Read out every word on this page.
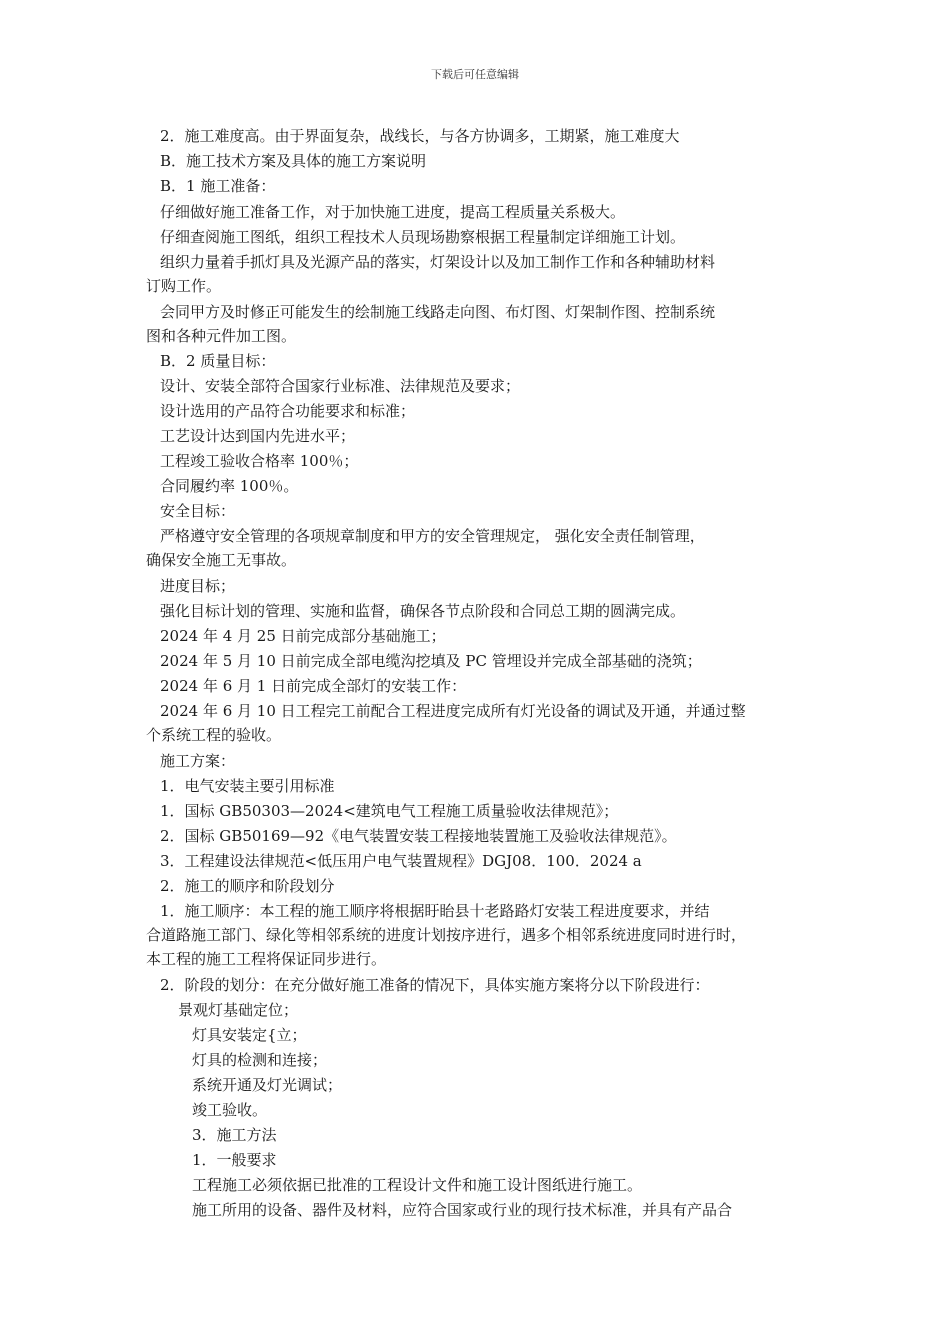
下载后可任意编辑
2．施工难度高。由于界面复杂，战线长，与各方协调多，工期紧，施工难度大
B．施工技术方案及具体的施工方案说明
B．1 施工准备：
仔细做好施工准备工作，对于加快施工进度，提高工程质量关系极大。
仔细查阅施工图纸，组织工程技术人员现场勘察根据工程量制定详细施工计划。
组织力量着手抓灯具及光源产品的落实，灯架设计以及加工制作工作和各种辅助材料
订购工作。
会同甲方及时修正可能发生的绘制施工线路走向图、布灯图、灯架制作图、控制系统
图和各种元件加工图。
B．2 质量目标：
设计、安装全部符合国家行业标准、法律规范及要求；
设计选用的产品符合功能要求和标准；
工艺设计达到国内先进水平；
工程竣工验收合格率 100％；
合同履约率 100％。
安全目标：
严格遵守安全管理的各项规章制度和甲方的安全管理规定， 强化安全责任制管理，
确保安全施工无事故。
进度目标；
强化目标计划的管理、实施和监督，确保各节点阶段和合同总工期的圆满完成。
2024 年 4 月 25 日前完成部分基础施工；
2024 年 5 月 10 日前完成全部电缆沟挖填及 PC 管埋设并完成全部基础的浇筑；
2024 年 6 月 1 日前完成全部灯的安装工作：
2024 年 6 月 10 日工程完工前配合工程进度完成所有灯光设备的调试及开通，并通过整
个系统工程的验收。
施工方案：
1．电气安装主要引用标准
1．国标 GB50303—2024<建筑电气工程施工质量验收法律规范》；
2．国标 GB50169—92《电气装置安装工程接地装置施工及验收法律规范》。
3．工程建设法律规范<低压用户电气装置规程》DGJ08．100．2024 a
2．施工的顺序和阶段划分
1．施工顺序：本工程的施工顺序将根据盱眙县十老路路灯安装工程进度要求，并结
合道路施工部门、绿化等相邻系统的进度计划按序进行，遇多个相邻系统进度同时进行时，
本工程的施工工程将保证同步进行。
2．阶段的划分：在充分做好施工准备的情况下，具体实施方案将分以下阶段进行：
景观灯基础定位；
灯具安装定{立；
灯具的检测和连接；
系统开通及灯光调试；
竣工验收。
3．施工方法
1．一般要求
工程施工必须依据已批准的工程设计文件和施工设计图纸进行施工。
施工所用的设备、器件及材料，应符合国家或行业的现行技术标准，并具有产品合
